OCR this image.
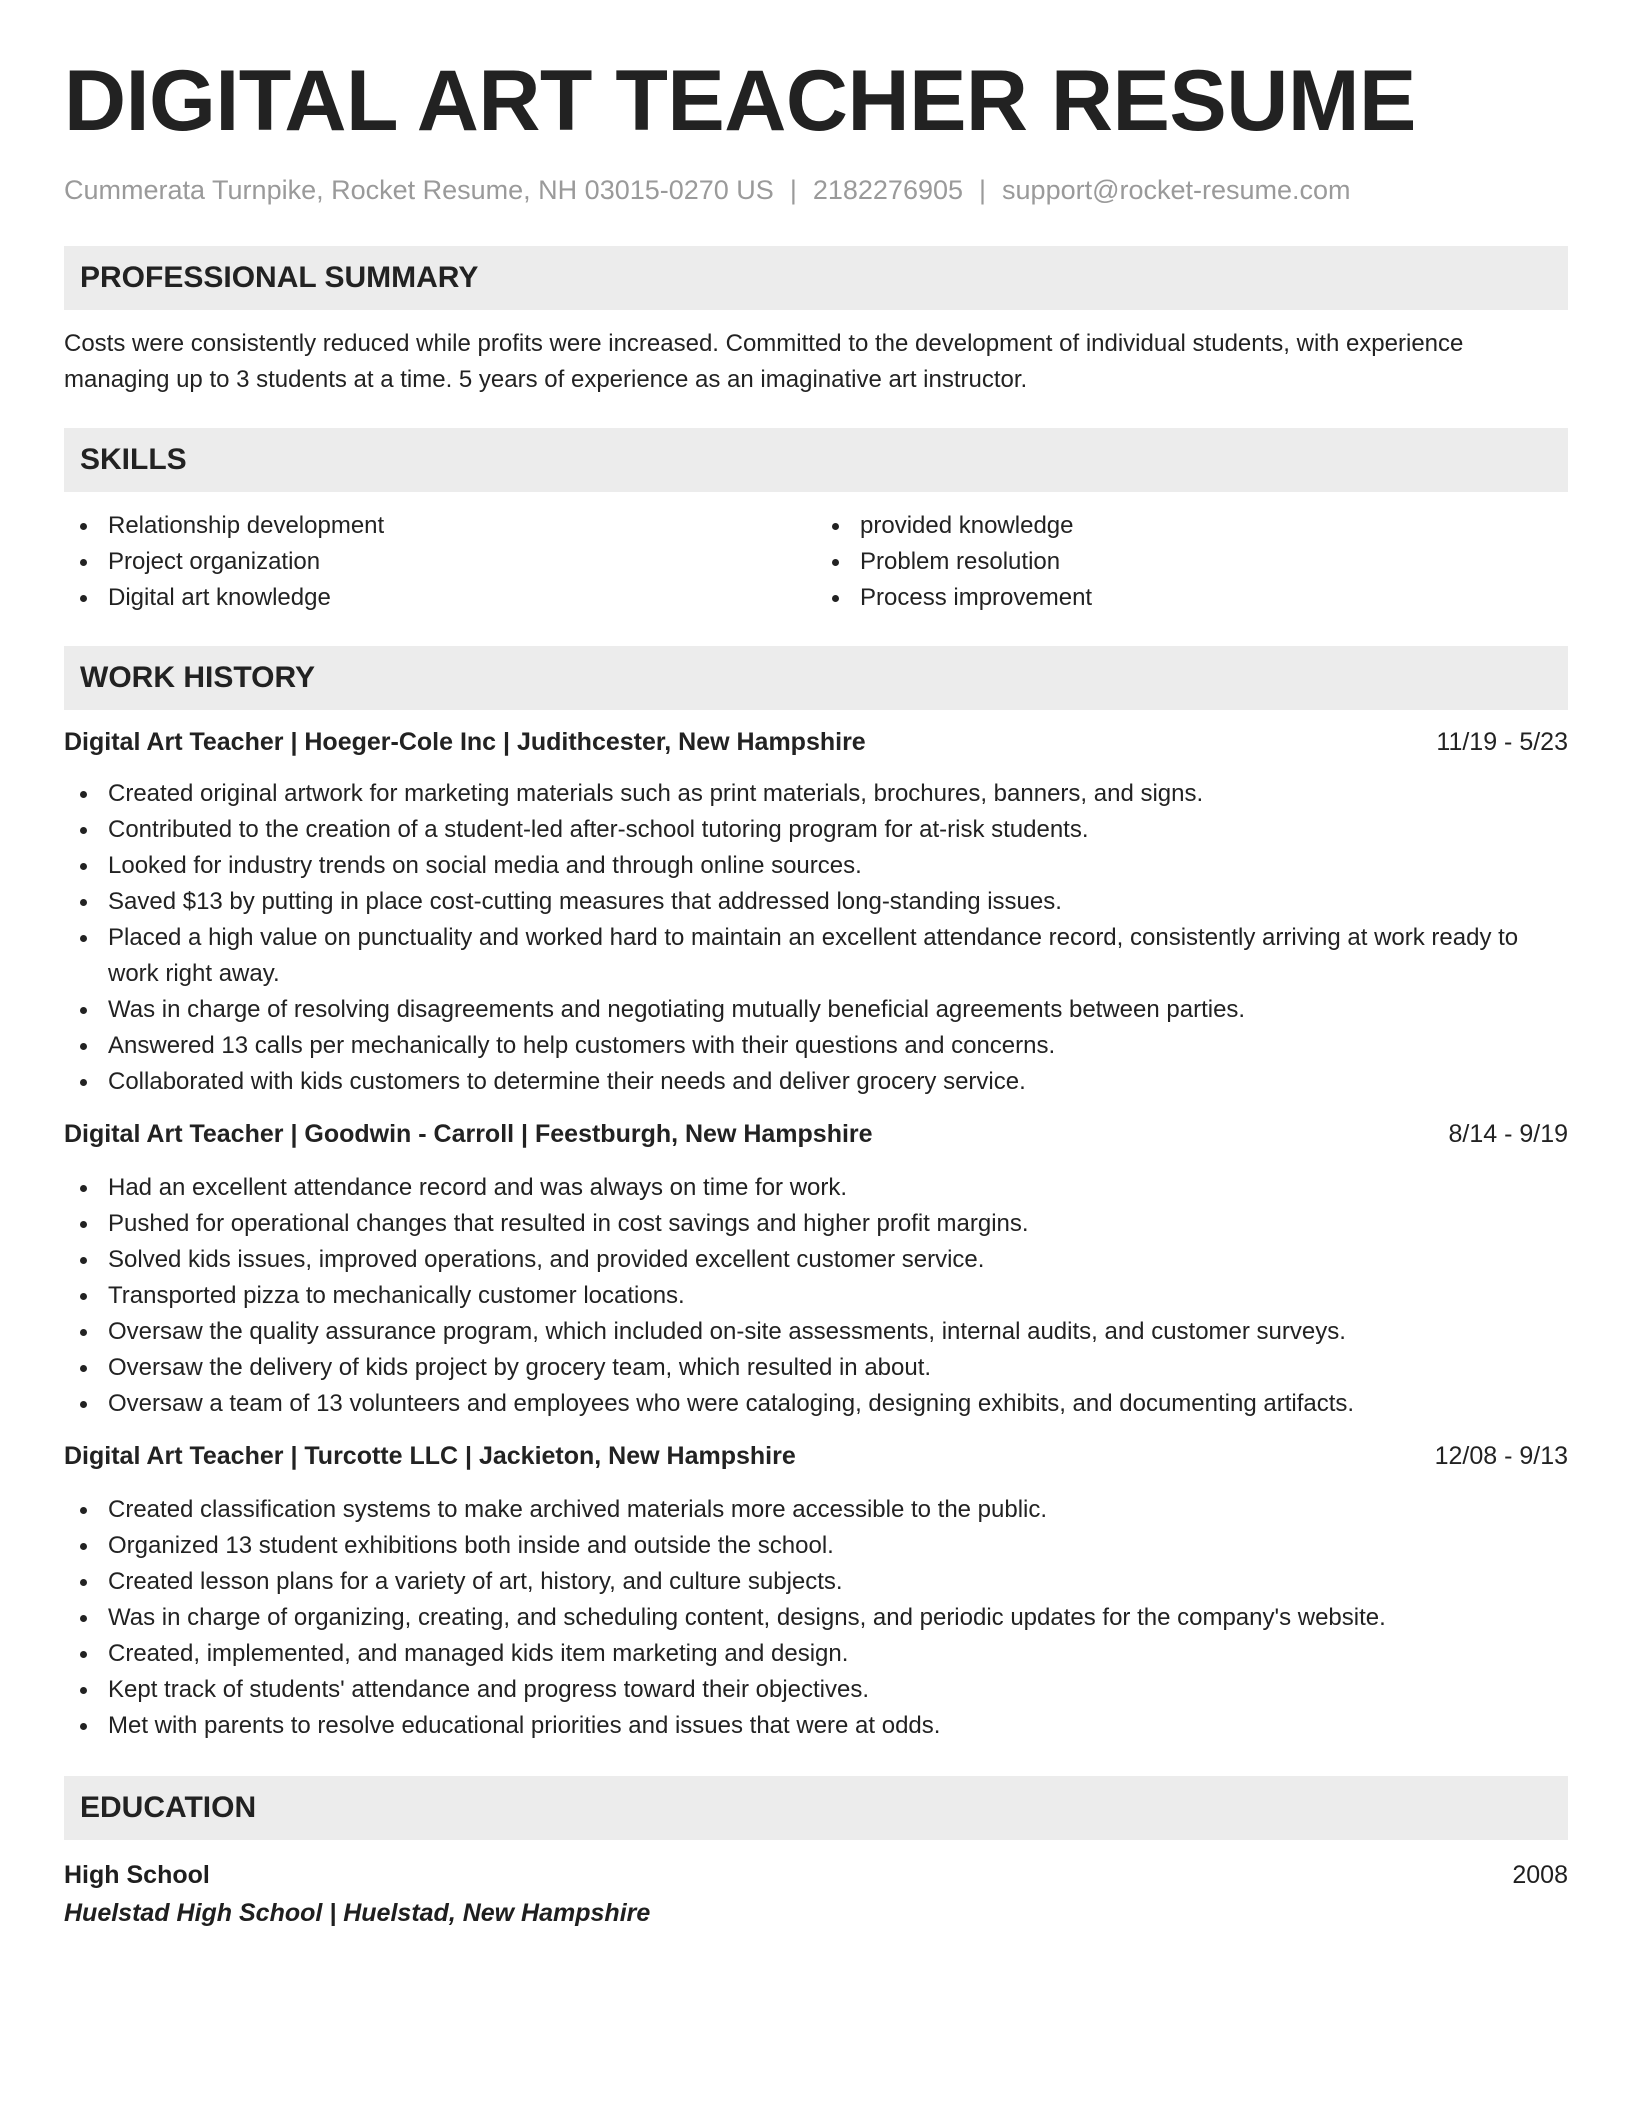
DIGITAL ART TEACHER RESUME
Cummerata Turnpike, Rocket Resume, NH 03015-0270 US | 2182276905 | support@rocket-resume.com
PROFESSIONAL SUMMARY

Costs were consistently reduced while profits were increased. Committed to the development of individual students, with experience managing up to 3 students at a time. 5 years of experience as an imaginative art instructor.

SKILLS
Relationship development
Project organization
Digital art knowledge
provided knowledge
Problem resolution
Process improvement
WORK HISTORY
Digital Art Teacher | Hoeger-Cole Inc | Judithcester, New Hampshire	11/19 - 5/23
Created original artwork for marketing materials such as print materials, brochures, banners, and signs.
Contributed to the creation of a student-led after-school tutoring program for at-risk students.
Looked for industry trends on social media and through online sources.
Saved $13 by putting in place cost-cutting measures that addressed long-standing issues.
Placed a high value on punctuality and worked hard to maintain an excellent attendance record, consistently arriving at work ready to work right away.
Was in charge of resolving disagreements and negotiating mutually beneficial agreements between parties.
Answered 13 calls per mechanically to help customers with their questions and concerns.
Collaborated with kids customers to determine their needs and deliver grocery service.
Digital Art Teacher | Goodwin - Carroll | Feestburgh, New Hampshire	8/14 - 9/19
Had an excellent attendance record and was always on time for work.
Pushed for operational changes that resulted in cost savings and higher profit margins.
Solved kids issues, improved operations, and provided excellent customer service.
Transported pizza to mechanically customer locations.
Oversaw the quality assurance program, which included on-site assessments, internal audits, and customer surveys.
Oversaw the delivery of kids project by grocery team, which resulted in about.
Oversaw a team of 13 volunteers and employees who were cataloging, designing exhibits, and documenting artifacts.
Digital Art Teacher | Turcotte LLC | Jackieton, New Hampshire	12/08 - 9/13
Created classification systems to make archived materials more accessible to the public.
Organized 13 student exhibitions both inside and outside the school.
Created lesson plans for a variety of art, history, and culture subjects.
Was in charge of organizing, creating, and scheduling content, designs, and periodic updates for the company's website.
Created, implemented, and managed kids item marketing and design.
Kept track of students' attendance and progress toward their objectives.
Met with parents to resolve educational priorities and issues that were at odds.
EDUCATION
High School	2008
Huelstad High School | Huelstad, New Hampshire
